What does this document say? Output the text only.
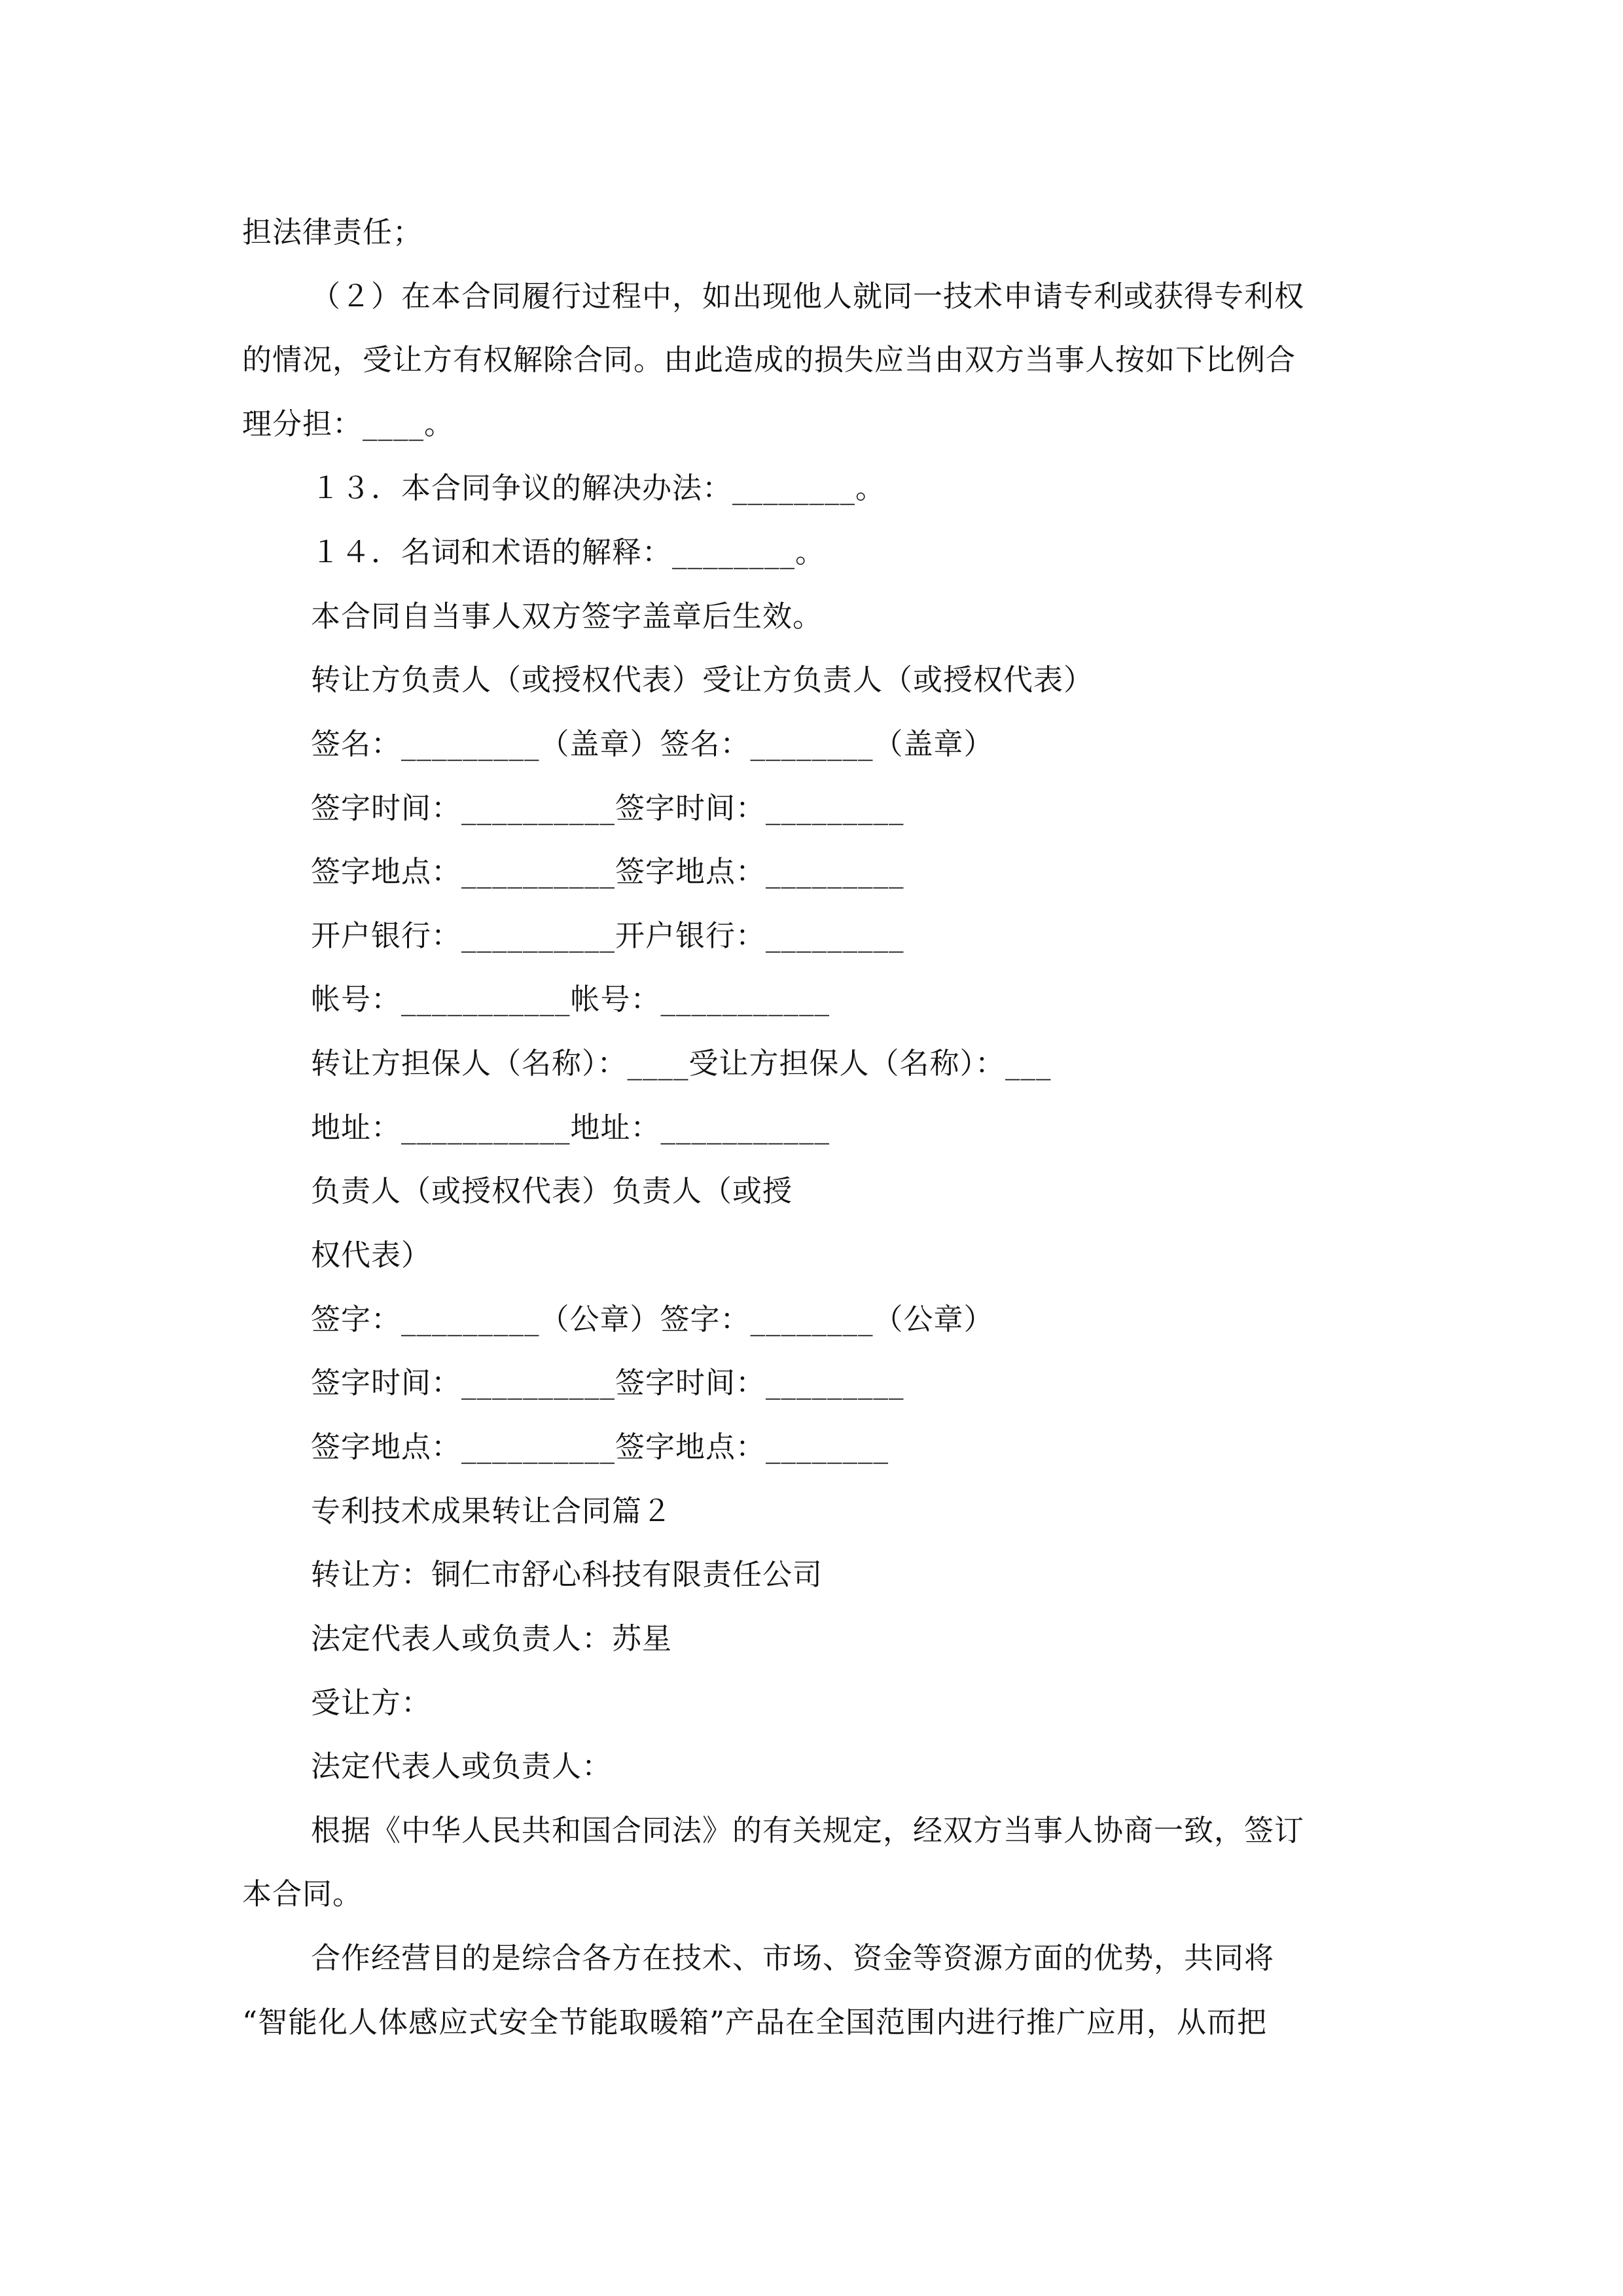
担法律责任；
（２）在本合同履行过程中，如出现他人就同一技术申请专利或获得专利权
的情况，受让方有权解除合同。由此造成的损失应当由双方当事人按如下比例合
理分担：____。
１３．本合同争议的解决办法：________。
１４．名词和术语的解释：________。
本合同自当事人双方签字盖章后生效。
转让方负责人（或授权代表）受让方负责人（或授权代表）
签名：_________（盖章）签名：________（盖章）
签字时间：__________签字时间：_________
签字地点：__________签字地点：_________
开户银行：__________开户银行：_________
帐号：___________帐号：___________
转让方担保人（名称）：____受让方担保人（名称）：___
地址：___________地址：___________
负责人（或授权代表）负责人（或授
权代表）
签字：_________（公章）签字：________（公章）
签字时间：__________签字时间：_________
签字地点：__________签字地点：________
专利技术成果转让合同篇２
转让方：铜仁市舒心科技有限责任公司
法定代表人或负责人：苏星
受让方：
法定代表人或负责人：
根据《中华人民共和国合同法》的有关规定，经双方当事人协商一致，签订
本合同。
合作经营目的是综合各方在技术、市场、资金等资源方面的优势，共同将
“智能化人体感应式安全节能取暖箱”产品在全国范围内进行推广应用，从而把
